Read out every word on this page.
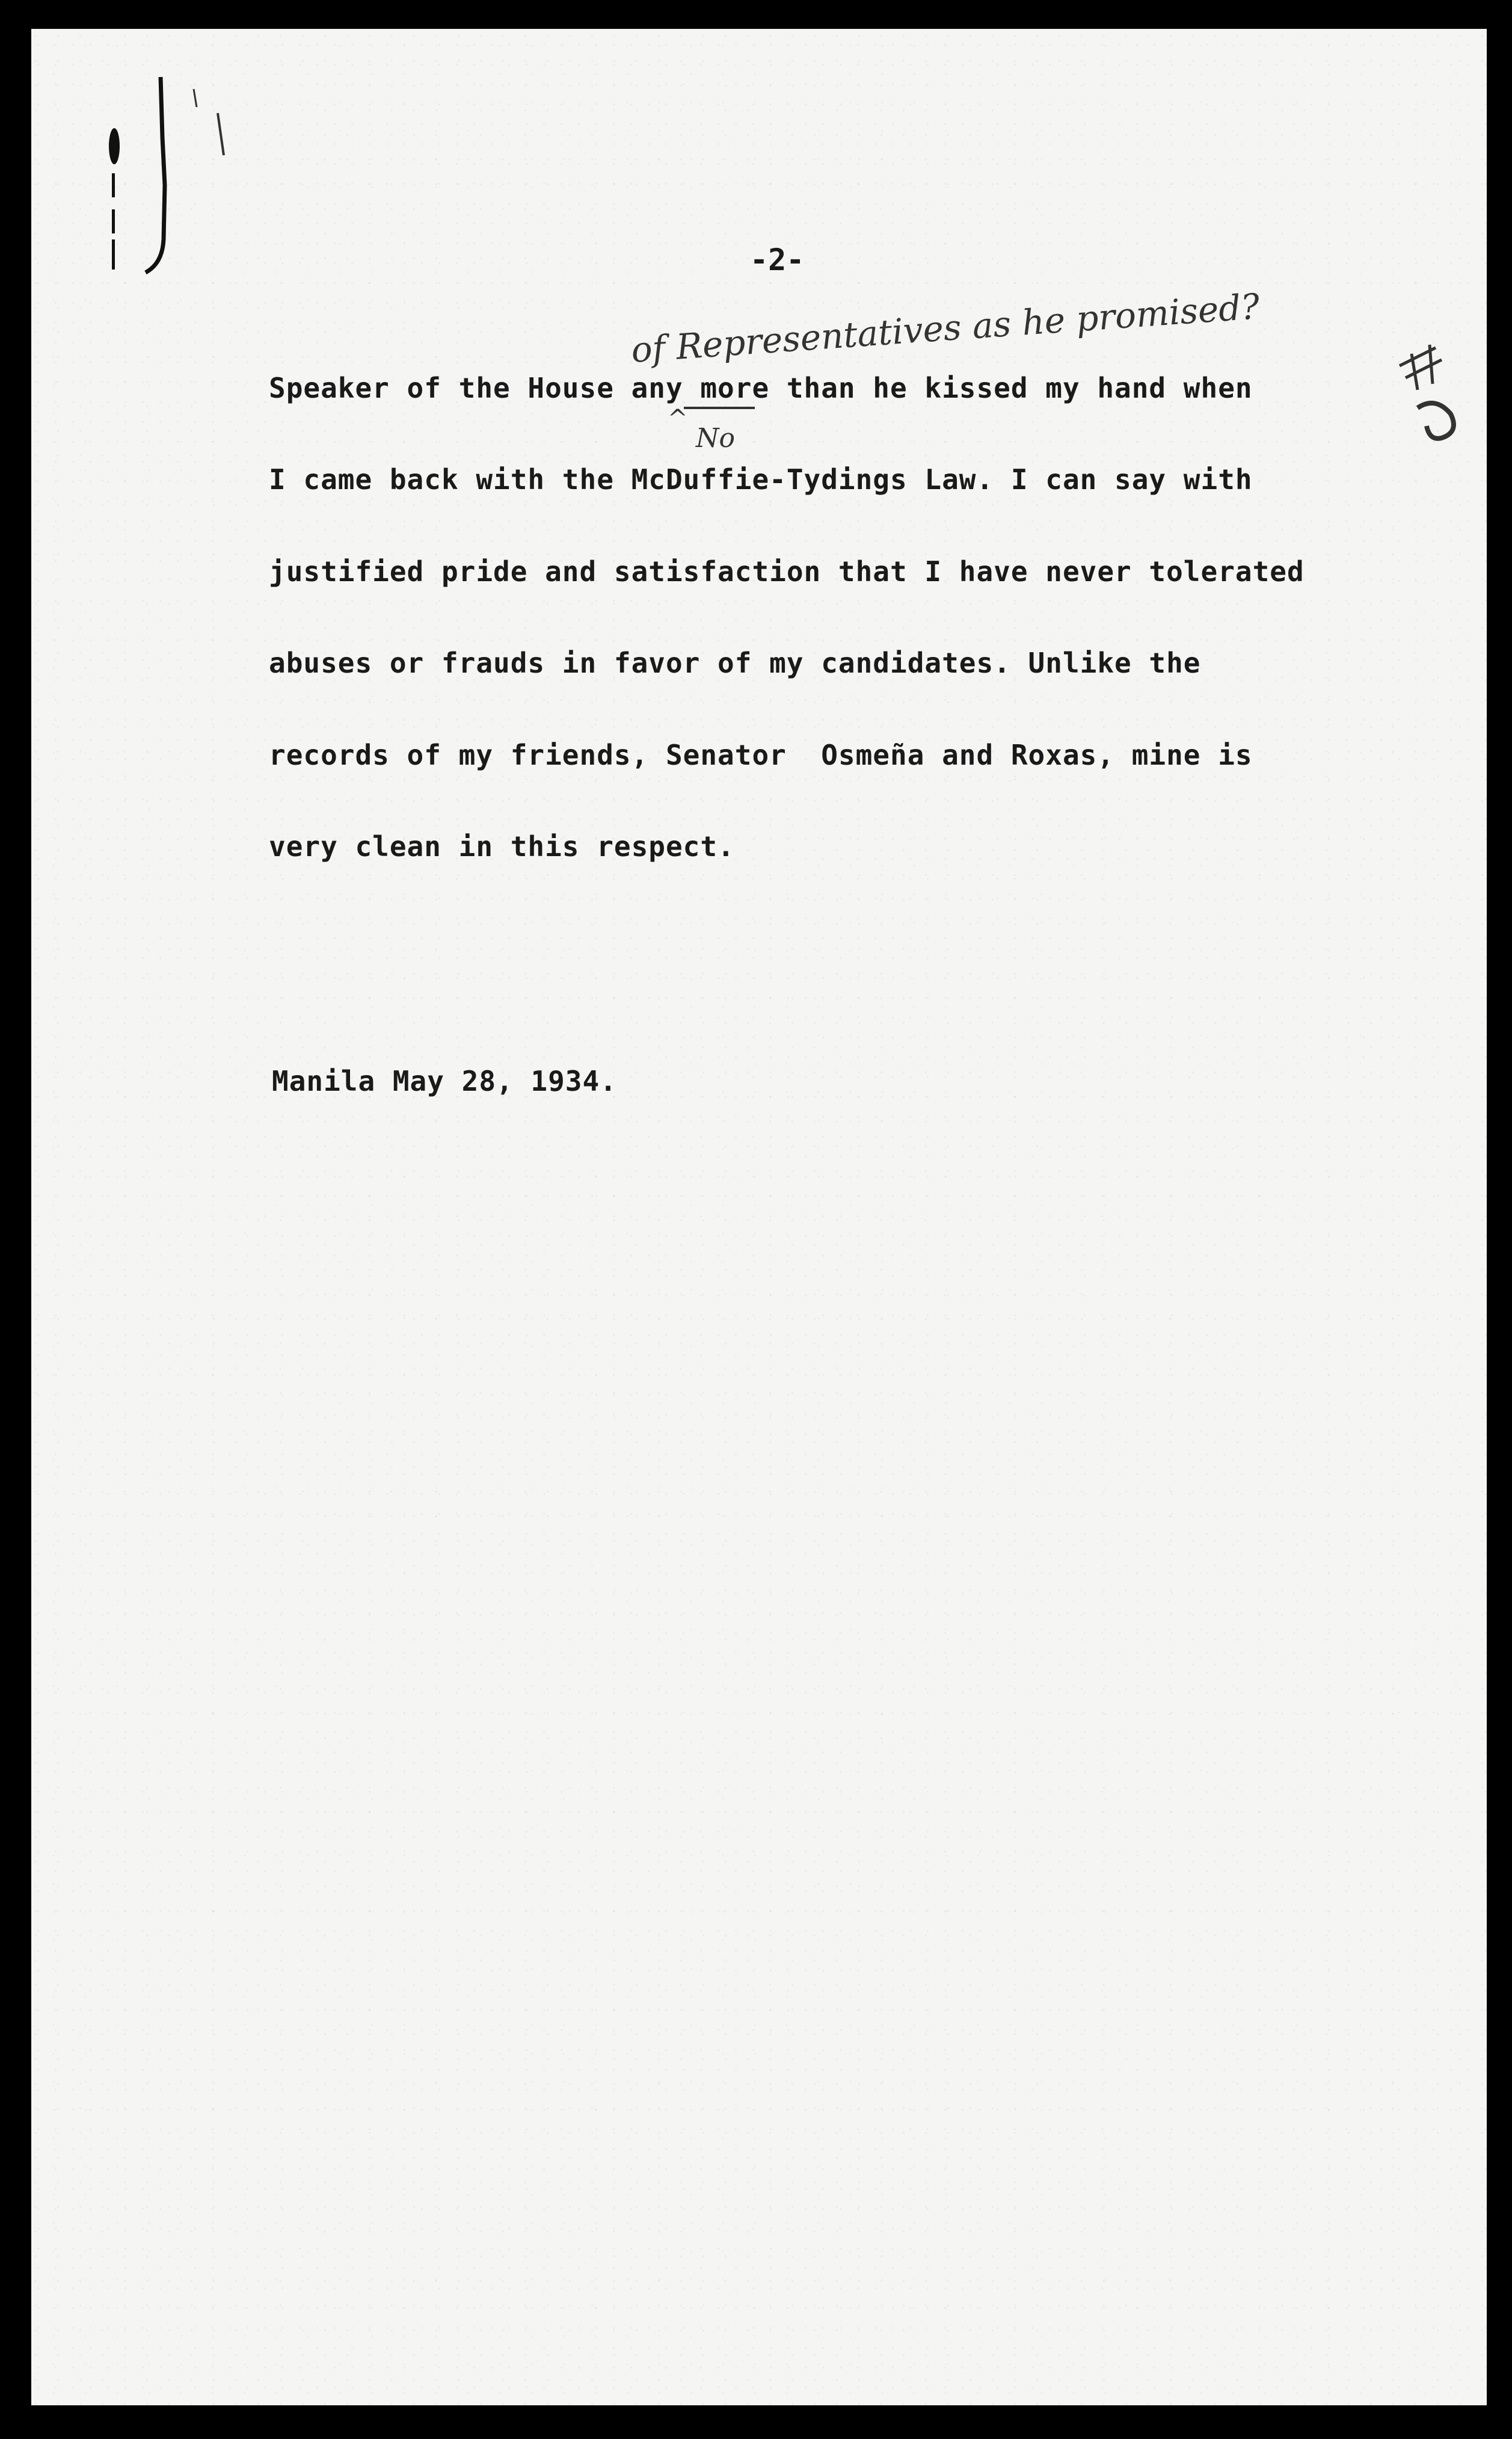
-2-
of Representatives as he promised?
^
No
Speaker of the House any more than he kissed my hand when
I came back with the McDuffie-Tydings Law. I can say with
justified pride and satisfaction that I have never tolerated
abuses or frauds in favor of my candidates. Unlike the
records of my friends, Senator  Osmeña and Roxas, mine is
very clean in this respect.
Manila May 28, 1934.
